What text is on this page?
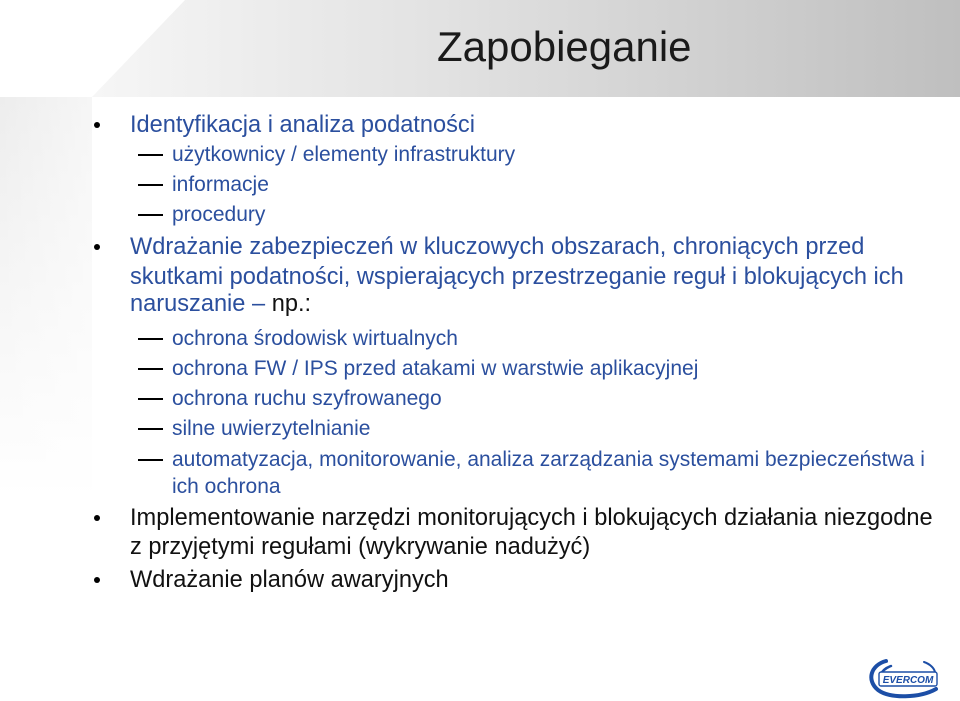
Zapobieganie
Identyfikacja i analiza podatności
użytkownicy / elementy infrastruktury
informacje
procedury
Wdrażanie zabezpieczeń w kluczowych obszarach, chroniących przed
skutkami podatności, wspierających przestrzeganie reguł i blokujących ich
naruszanie – np.:
ochrona środowisk wirtualnych
ochrona FW / IPS przed atakami w warstwie aplikacyjnej
ochrona ruchu szyfrowanego
silne uwierzytelnianie
automatyzacja, monitorowanie, analiza zarządzania systemami bezpieczeństwa i
ich ochrona
Implementowanie narzędzi monitorujących i blokujących działania niezgodne
z przyjętymi regułami (wykrywanie nadużyć)
Wdrażanie planów awaryjnych
EVERCOM
